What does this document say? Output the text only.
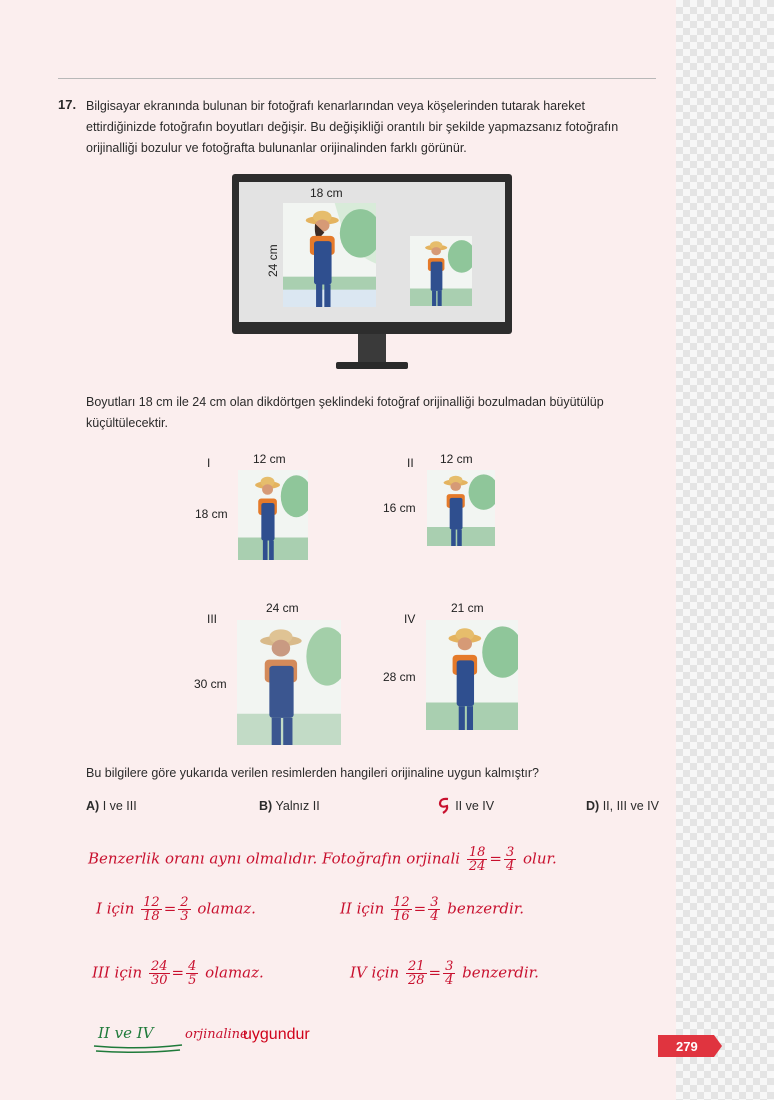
17. Bilgisayar ekranında bulunan bir fotoğrafı kenarlarından veya köşelerinden tutarak hareket ettirdiğinizde fotoğrafın boyutları değişir. Bu değişikliği orantılı bir şekilde yapmazsanız fotoğrafın orijinalliği bozulur ve fotoğrafta bulunanlar orijinalinden farklı görünür.
18 cm
24 cm
Boyutları 18 cm ile 24 cm olan dikdörtgen şeklindeki fotoğraf orijinalliği bozulmadan büyütülüp küçültülecektir.
I	12 cm
18 cm
II 12 cm
16 cm
III
24 cm
30 cm
IV
21 cm
28 cm
Bu bilgilere göre yukarıda verilen resimlerden hangileri orijinaline uygun kalmıştır?
A) I ve III	B) Yalnız II	II ve IV	D) II, III ve IV
Benzerlik oranı aynı olmalıdır. Fotoğrafın orjinali $\frac{18}{24} = \frac{3}{4}$ olur.
I için $\frac{12}{18} = \frac{2}{3}$ olamaz.	II için $\frac{12}{16} = \frac{3}{4}$ benzerdir.
III için $\frac{24}{30} = \frac{4}{5}$ olamaz.	IV için $\frac{21}{28} = \frac{3}{4}$ benzerdir.
II ve IV orjinaline
uygundur
279
